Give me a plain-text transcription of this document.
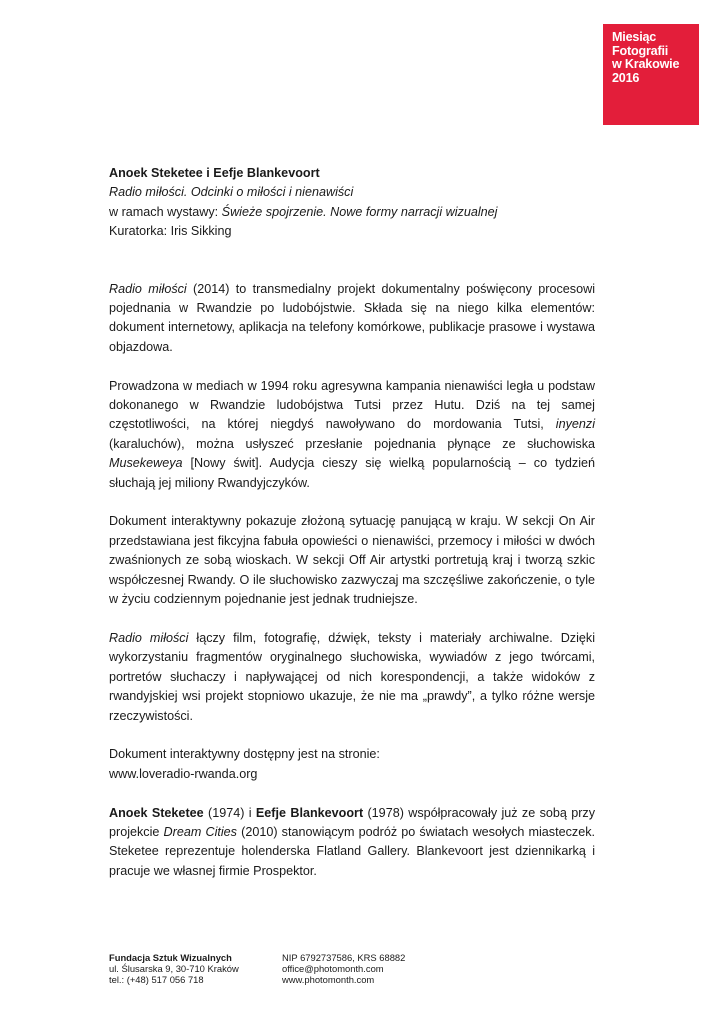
Miesiąc
Fotografii
w Krakowie
2016

Anoek Steketee i Eefje Blankevoort

Radio miłości. Odcinki o miłości i nienawiści

w ramach wystawy: Świeże spojrzenie. Nowe formy narracji wizualnej

Kuratorka: Iris Sikking

Radio miłości (2014) to transmedialny projekt dokumentalny poświęcony procesowi pojednania w Rwandzie po ludobójstwie. Składa się na niego kilka elementów: dokument internetowy, aplikacja na telefony komórkowe, publikacje prasowe i wystawa objazdowa.

Prowadzona w mediach w 1994 roku agresywna kampania nienawiści legła u podstaw dokonanego w Rwandzie ludobójstwa Tutsi przez Hutu. Dziś na tej samej częstotliwości, na której niegdyś nawoływano do mordowania Tutsi, inyenzi (karaluchów), można usłyszeć przesłanie pojednania płynące ze słuchowiska Musekeweya [Nowy świt]. Audycja cieszy się wielką popularnością – co tydzień słuchają jej miliony Rwandyjczyków.

Dokument interaktywny pokazuje złożoną sytuację panującą w kraju. W sekcji On Air przedstawiana jest fikcyjna fabuła opowieści o nienawiści, przemocy i miłości w dwóch zwaśnionych ze sobą wioskach. W sekcji Off Air artystki portretują kraj i tworzą szkic współczesnej Rwandy. O ile słuchowisko zazwyczaj ma szczęśliwe zakończenie, o tyle w życiu codziennym pojednanie jest jednak trudniejsze.

Radio miłości łączy film, fotografię, dźwięk, teksty i materiały archiwalne. Dzięki wykorzystaniu fragmentów oryginalnego słuchowiska, wywiadów z jego twórcami, portretów słuchaczy i napływającej od nich korespondencji, a także widoków z rwandyjskiej wsi projekt stopniowo ukazuje, że nie ma „prawdy”, a tylko różne wersje rzeczywistości.

Dokument interaktywny dostępny jest na stronie:
www.loveradio-rwanda.org

Anoek Steketee (1974) i Eefje Blankevoort (1978) współpracowały już ze sobą przy projekcie Dream Cities (2010) stanowiącym podróż po światach wesołych miasteczek. Steketee reprezentuje holenderska Flatland Gallery. Blankevoort jest dziennikarką i pracuje we własnej firmie Prospektor.

Fundacja Sztuk Wizualnych
ul. Ślusarska 9, 30-710 Kraków
tel.: (+48) 517 056 718
NIP 6792737586, KRS 68882
office@photomonth.com
www.photomonth.com
